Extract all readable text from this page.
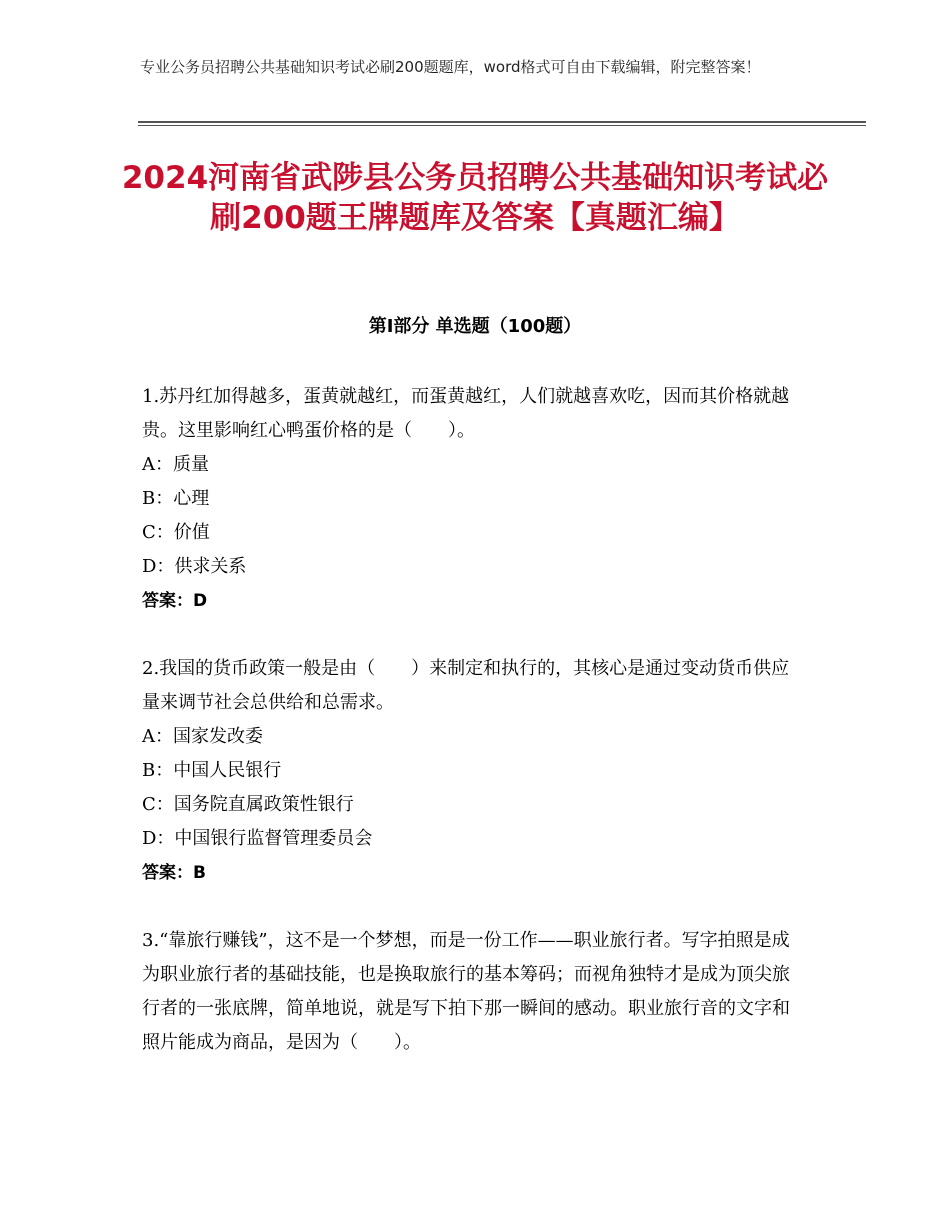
专业公务员招聘公共基础知识考试必刷200题题库，word格式可自由下载编辑，附完整答案！
2024河南省武陟县公务员招聘公共基础知识考试必刷200题王牌题库及答案【真题汇编】
第Ⅰ部分 单选题（100题）

1.苏丹红加得越多，蛋黄就越红，而蛋黄越红，人们就越喜欢吃，因而其价格就越贵。这里影响红心鸭蛋价格的是（　　）。

A：质量

B：心理

C：价值

D：供求关系

答案：D

2.我国的货币政策一般是由（　　）来制定和执行的，其核心是通过变动货币供应量来调节社会总供给和总需求。

A：国家发改委

B：中国人民银行

C：国务院直属政策性银行

D：中国银行监督管理委员会

答案：B

3.“靠旅行赚钱”，这不是一个梦想，而是一份工作——职业旅行者。写字拍照是成为职业旅行者的基础技能，也是换取旅行的基本筹码；而视角独特才是成为顶尖旅行者的一张底牌，简单地说，就是写下拍下那一瞬间的感动。职业旅行音的文字和照片能成为商品，是因为（　　）。
